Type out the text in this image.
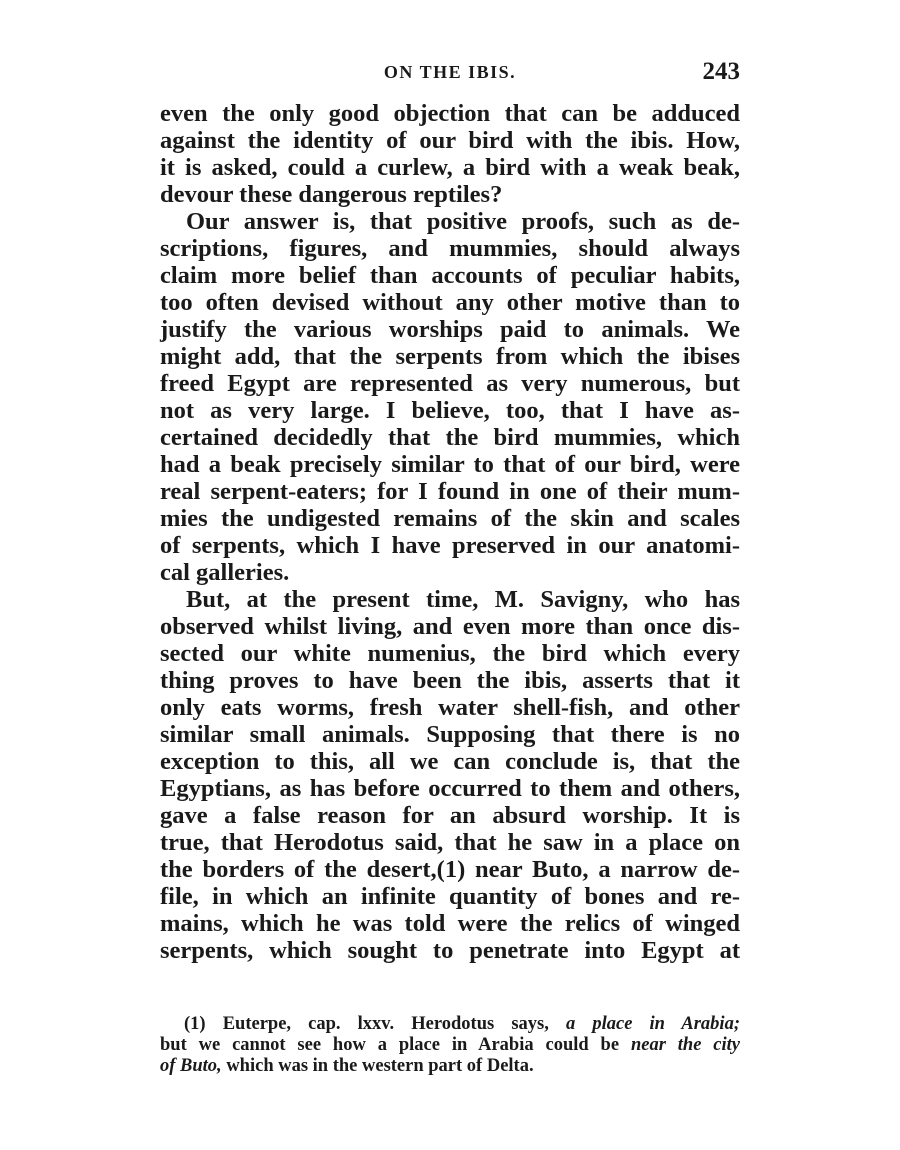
ON THE IBIS.	243
even the only good objection that can be adduced
against the identity of our bird with the ibis. How,
it is asked, could a curlew, a bird with a weak beak,
devour these dangerous reptiles?
Our answer is, that positive proofs, such as de-
scriptions, figures, and mummies, should always
claim more belief than accounts of peculiar habits,
too often devised without any other motive than to
justify the various worships paid to animals. We
might add, that the serpents from which the ibises
freed Egypt are represented as very numerous, but
not as very large. I believe, too, that I have as-
certained decidedly that the bird mummies, which
had a beak precisely similar to that of our bird, were
real serpent-eaters; for I found in one of their mum-
mies the undigested remains of the skin and scales
of serpents, which I have preserved in our anatomi-
cal galleries.
But, at the present time, M. Savigny, who has
observed whilst living, and even more than once dis-
sected our white numenius, the bird which every
thing proves to have been the ibis, asserts that it
only eats worms, fresh water shell-fish, and other
similar small animals. Supposing that there is no
exception to this, all we can conclude is, that the
Egyptians, as has before occurred to them and others,
gave a false reason for an absurd worship. It is
true, that Herodotus said, that he saw in a place on
the borders of the desert,(1) near Buto, a narrow de-
file, in which an infinite quantity of bones and re-
mains, which he was told were the relics of winged
serpents, which sought to penetrate into Egypt at
(1) Euterpe, cap. lxxv. Herodotus says, a place in Arabia;
but we cannot see how a place in Arabia could be near the city
of Buto, which was in the western part of Delta.
